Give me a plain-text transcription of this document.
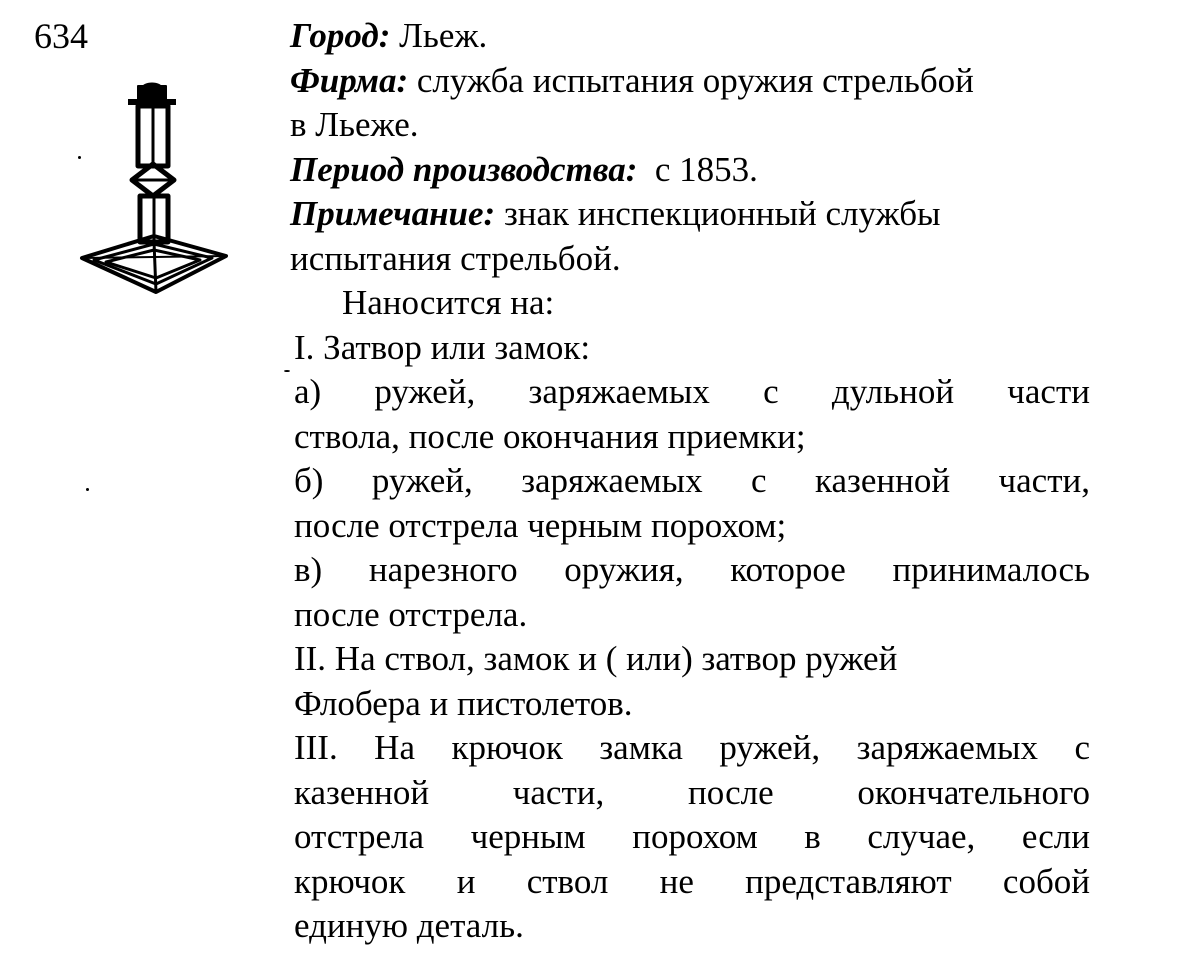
634	Город: Льеж.
Фирма: служба испытания оружия стрельбой
в Льеже.
Период производства: с 1853.
Примечание: знак инспекционный службы
испытания стрельбой.
Наносится на:
I. Затвор или замок:
а) ружей, заряжаемых с дульной части
ствола, после окончания приемки;
б) ружей, заряжаемых с казенной части,
после отстрела черным порохом;
в) нарезного оружия, которое принималось
после отстрела.
II. На ствол, замок и ( или) затвор ружей
Флобера и пистолетов.
III. На крючок замка ружей, заряжаемых с
казенной части, после окончательного
отстрела черным порохом в случае, если
крючок и ствол не представляют собой
единую деталь.
